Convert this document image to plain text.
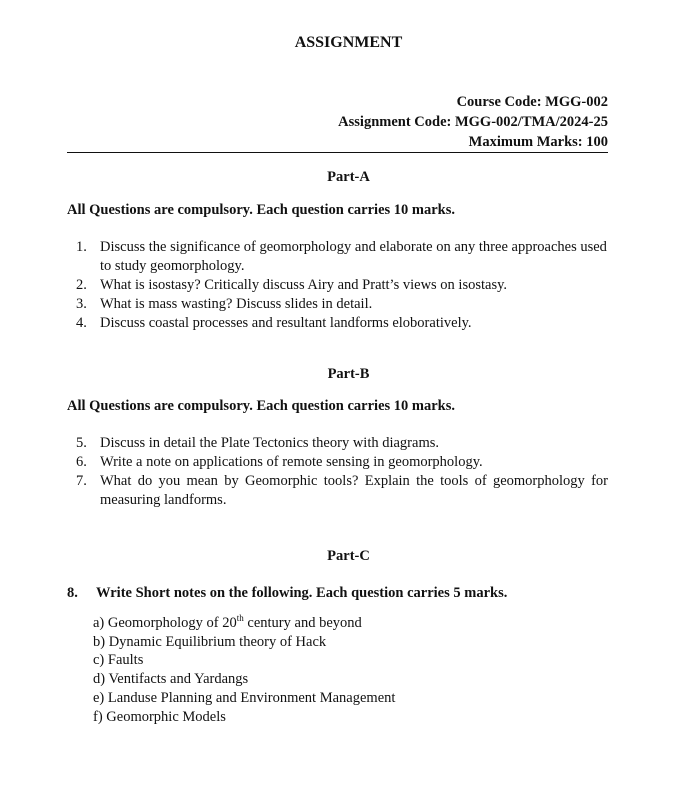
ASSIGNMENT
Course Code: MGG-002
Assignment Code: MGG-002/TMA/2024-25
Maximum Marks: 100
Part-A
All Questions are compulsory. Each question carries 10 marks.
1. Discuss the significance of geomorphology and elaborate on any three approaches used to study geomorphology.
2. What is isostasy? Critically discuss Airy and Pratt’s views on isostasy.
3. What is mass wasting? Discuss slides in detail.
4. Discuss coastal processes and resultant landforms eloboratively.
Part-B
All Questions are compulsory. Each question carries 10 marks.
5. Discuss in detail the Plate Tectonics theory with diagrams.
6. Write a note on applications of remote sensing in geomorphology.
7. What do you mean by Geomorphic tools? Explain the tools of geomorphology for measuring landforms.
Part-C
8. Write Short notes on the following. Each question carries 5 marks.
a) Geomorphology of 20th century and beyond
b) Dynamic Equilibrium theory of Hack
c) Faults
d) Ventifacts and Yardangs
e) Landuse Planning and Environment Management
f) Geomorphic Models
